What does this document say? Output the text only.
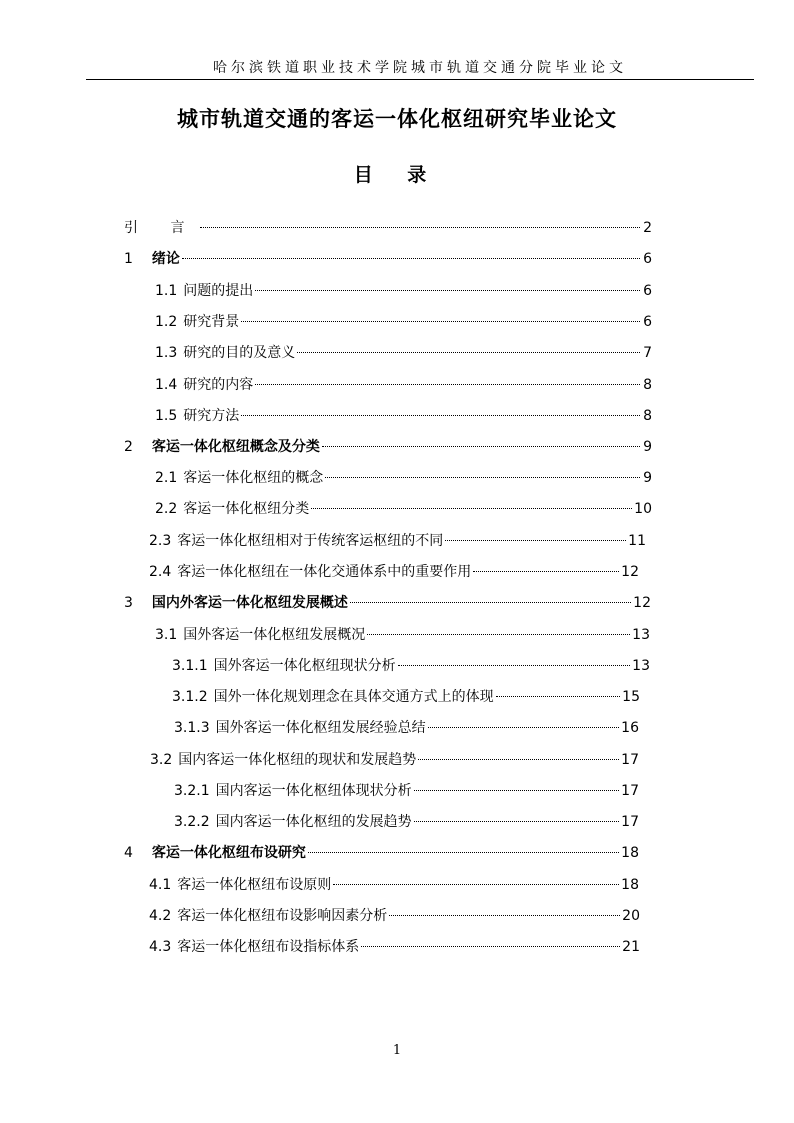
哈尔滨铁道职业技术学院城市轨道交通分院毕业论文
城市轨道交通的客运一体化枢纽研究毕业论文
目 录
引 言	2
1 绪论	6
1.1 问题的提出	6
1.2 研究背景	6
1.3 研究的目的及意义	7
1.4 研究的内容	8
1.5 研究方法	8
2 客运一体化枢纽概念及分类	9
2.1 客运一体化枢纽的概念	9
2.2 客运一体化枢纽分类	10
2.3 客运一体化枢纽相对于传统客运枢纽的不同	11
2.4 客运一体化枢纽在一体化交通体系中的重要作用	12
3 国内外客运一体化枢纽发展概述	12
3.1 国外客运一体化枢纽发展概况	13
3.1.1 国外客运一体化枢纽现状分析	13
3.1.2 国外一体化规划理念在具体交通方式上的体现	15
3.1.3 国外客运一体化枢纽发展经验总结	16
3.2 国内客运一体化枢纽的现状和发展趋势	17
3.2.1 国内客运一体化枢纽体现状分析	17
3.2.2 国内客运一体化枢纽的发展趋势	17
4 客运一体化枢纽布设研究	18
4.1 客运一体化枢纽布设原则	18
4.2 客运一体化枢纽布设影响因素分析	20
4.3 客运一体化枢纽布设指标体系	21
1
